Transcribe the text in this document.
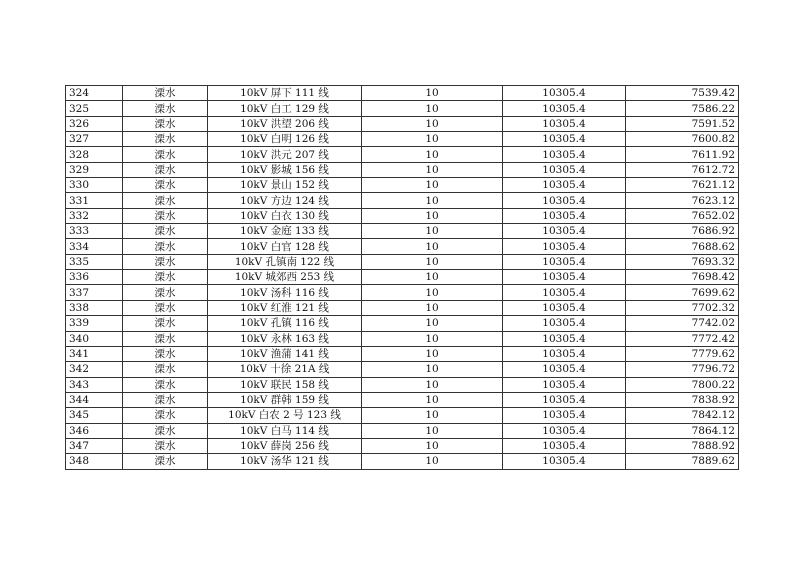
324	溧水	10kV 屏下 111 线	10	10305.4	7539.42
325	溧水	10kV 白工 129 线	10	10305.4	7586.22
326	溧水	10kV 洪望 206 线	10	10305.4	7591.52
327	溧水	10kV 白明 126 线	10	10305.4	7600.82
328	溧水	10kV 洪元 207 线	10	10305.4	7611.92
329	溧水	10kV 影城 156 线	10	10305.4	7612.72
330	溧水	10kV 景山 152 线	10	10305.4	7621.12
331	溧水	10kV 方边 124 线	10	10305.4	7623.12
332	溧水	10kV 白衣 130 线	10	10305.4	7652.02
333	溧水	10kV 金庭 133 线	10	10305.4	7686.92
334	溧水	10kV 白官 128 线	10	10305.4	7688.62
335	溧水	10kV 孔镇南 122 线	10	10305.4	7693.32
336	溧水	10kV 城郊西 253 线	10	10305.4	7698.42
337	溧水	10kV 汤科 116 线	10	10305.4	7699.62
338	溧水	10kV 红淮 121 线	10	10305.4	7702.32
339	溧水	10kV 孔镇 116 线	10	10305.4	7742.02
340	溧水	10kV 永林 163 线	10	10305.4	7772.42
341	溧水	10kV 渔蒲 141 线	10	10305.4	7779.62
342	溧水	10kV 十徐 21A 线	10	10305.4	7796.72
343	溧水	10kV 联民 158 线	10	10305.4	7800.22
344	溧水	10kV 群韩 159 线	10	10305.4	7838.92
345	溧水	10kV 白农 2 号 123 线	10	10305.4	7842.12
346	溧水	10kV 白马 114 线	10	10305.4	7864.12
347	溧水	10kV 薛岗 256 线	10	10305.4	7888.92
348	溧水	10kV 汤华 121 线	10	10305.4	7889.62
